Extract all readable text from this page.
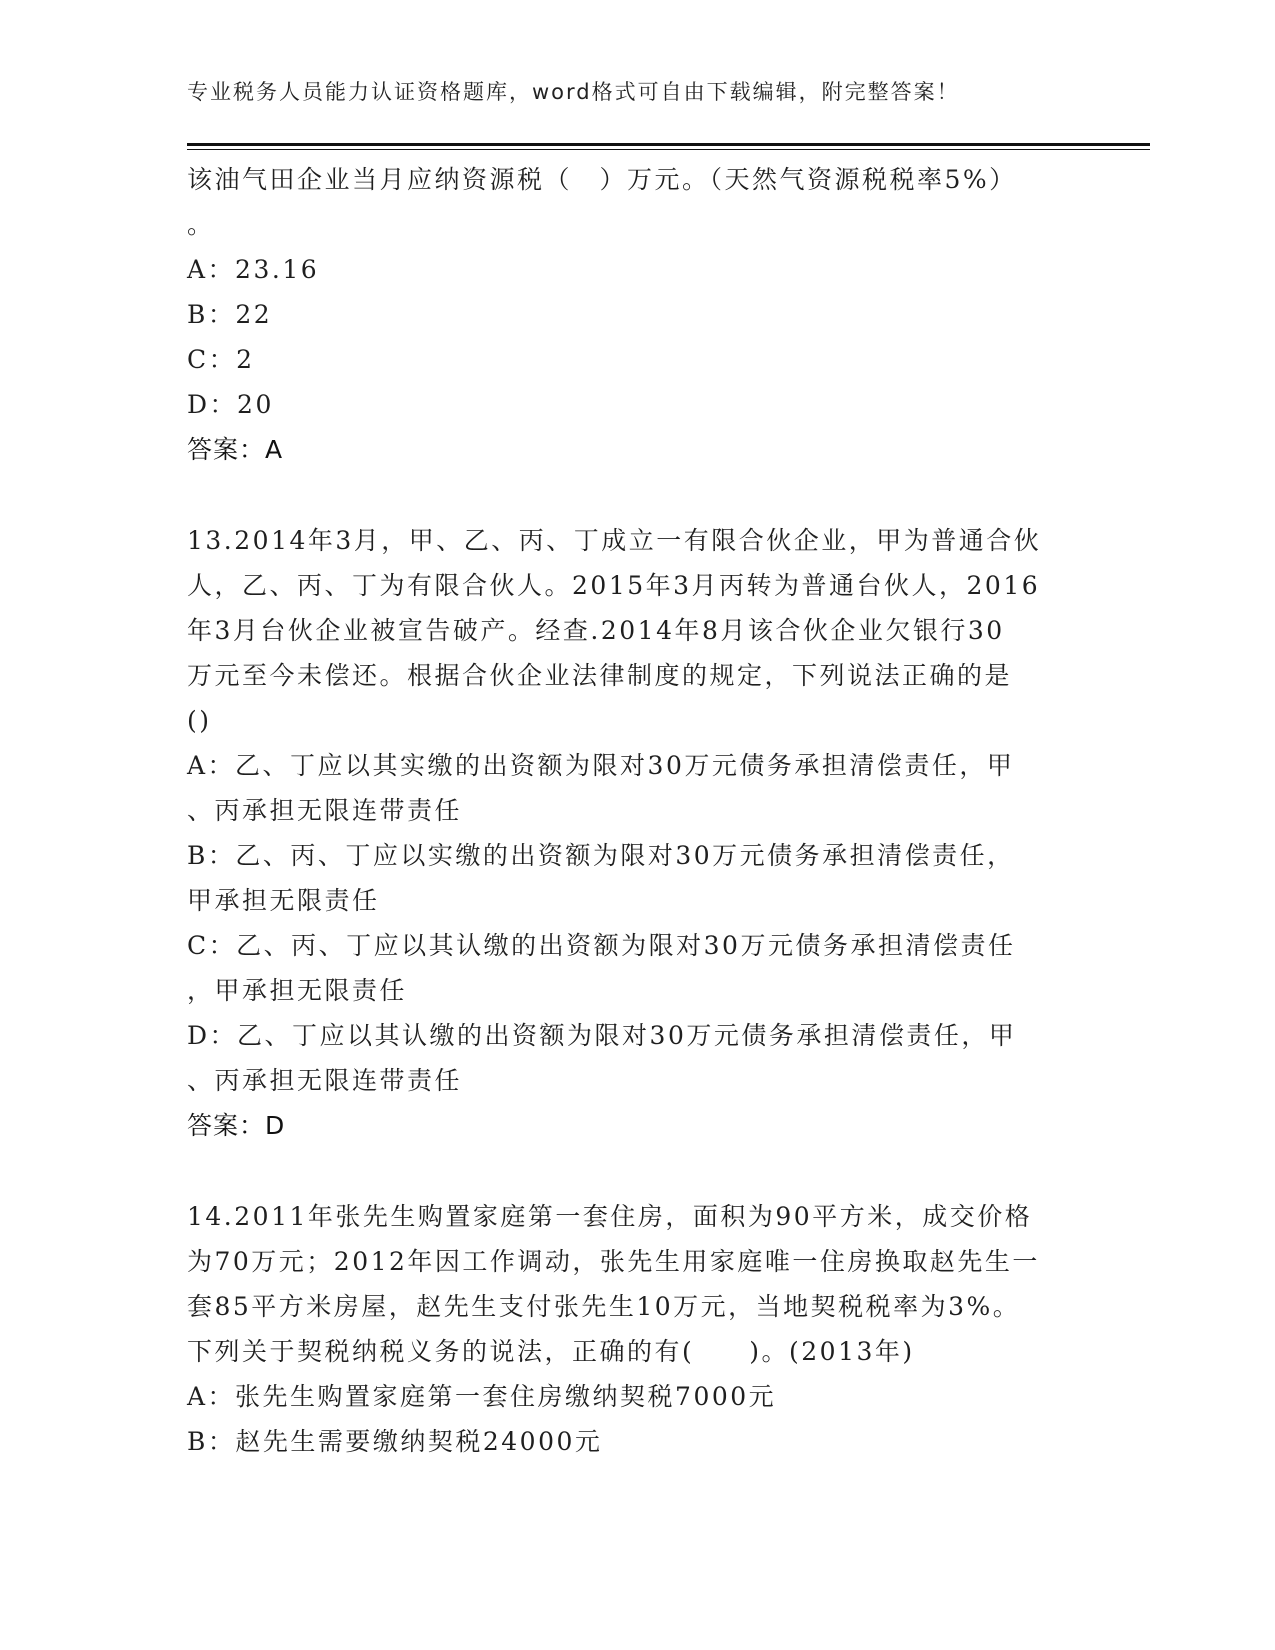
专业税务人员能力认证资格题库，word格式可自由下载编辑，附完整答案！
该油气田企业当月应纳资源税（　）万元。（天然气资源税税率5%）
。
A：23.16
B：22
C：2
D：20
答案：A
13.2014年3月，甲、乙、丙、丁成立一有限合伙企业，甲为普通合伙
人，乙、丙、丁为有限合伙人。2015年3月丙转为普通台伙人，2016
年3月台伙企业被宣告破产。经查.2014年8月该合伙企业欠银行30
万元至今未偿还。根据合伙企业法律制度的规定，下列说法正确的是
()
A：乙、丁应以其实缴的出资额为限对30万元债务承担清偿责任，甲
、丙承担无限连带责任
B：乙、丙、丁应以实缴的出资额为限对30万元债务承担清偿责任，
甲承担无限责任
C：乙、丙、丁应以其认缴的出资额为限对30万元债务承担清偿责任
，甲承担无限责任
D：乙、丁应以其认缴的出资额为限对30万元债务承担清偿责任，甲
、丙承担无限连带责任
答案：D
14.2011年张先生购置家庭第一套住房，面积为90平方米，成交价格
为70万元；2012年因工作调动，张先生用家庭唯一住房换取赵先生一
套85平方米房屋，赵先生支付张先生10万元，当地契税税率为3%。
下列关于契税纳税义务的说法，正确的有(　　)。(2013年)
A：张先生购置家庭第一套住房缴纳契税7000元
B：赵先生需要缴纳契税24000元
